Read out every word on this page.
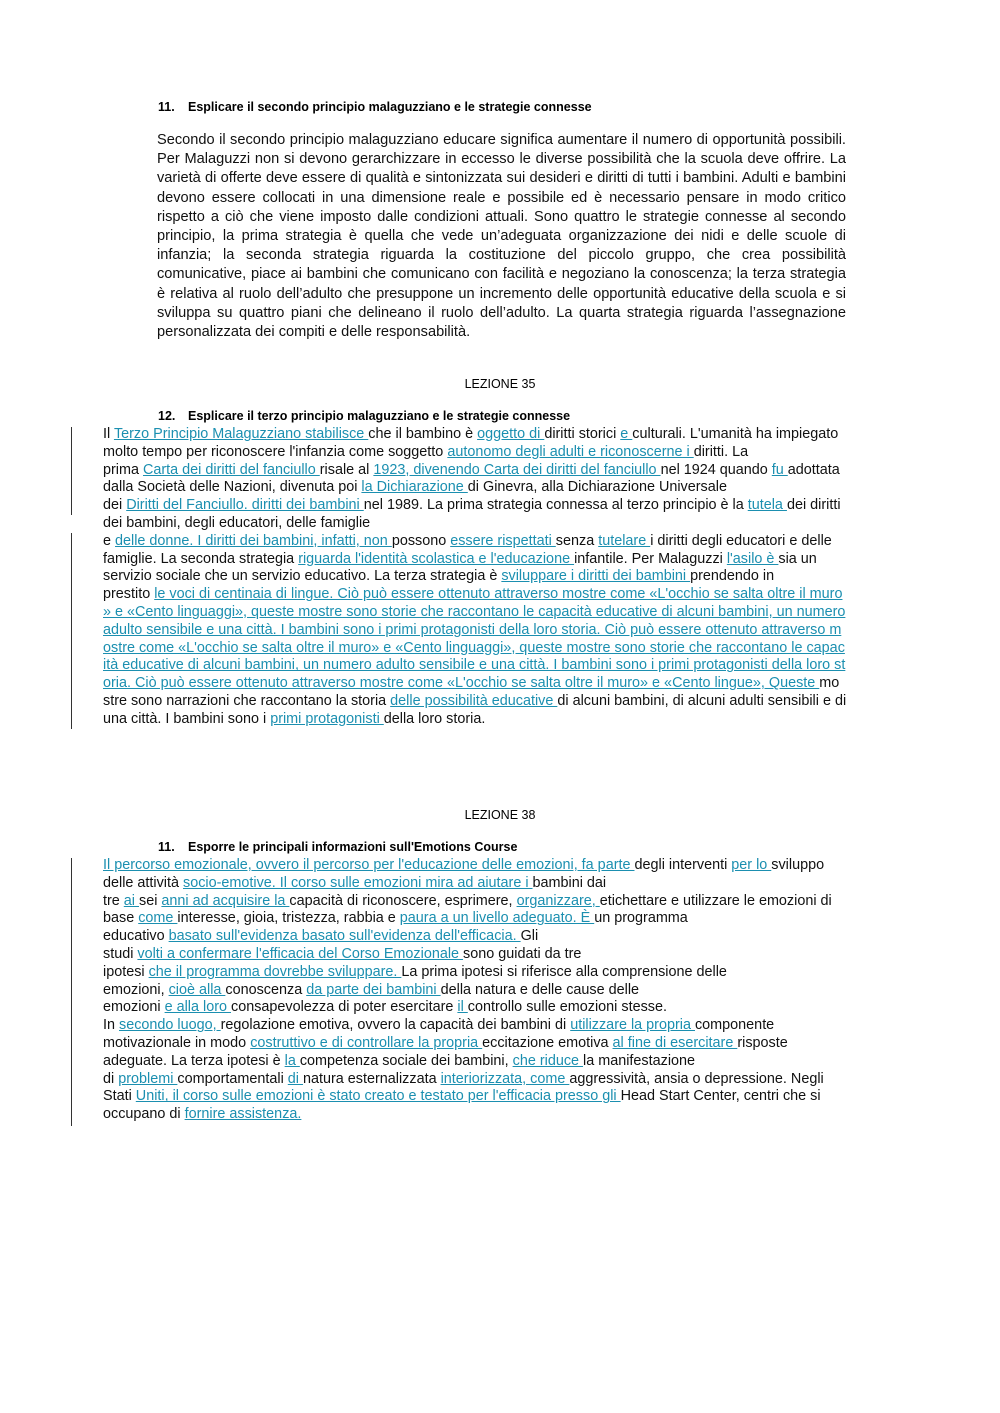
11. Esplicare il secondo principio malaguzziano e le strategie connesse

Secondo il secondo principio malaguzziano educare significa aumentare il numero di opportunità possibili. Per Malaguzzi non si devono gerarchizzare in eccesso le diverse possibilità che la scuola deve offrire. La varietà di offerte deve essere di qualità e sintonizzata sui desideri e diritti di tutti i bambini. Adulti e bambini devono essere collocati in una dimensione reale e possibile ed è necessario pensare in modo critico rispetto a ciò che viene imposto dalle condizioni attuali. Sono quattro le strategie connesse al secondo principio, la prima strategia è quella che vede un’adeguata organizzazione dei nidi e delle scuole di infanzia; la seconda strategia riguarda la costituzione del piccolo gruppo, che crea possibilità comunicative, piace ai bambini che comunicano con facilità e negoziano la conoscenza; la terza strategia è relativa al ruolo dell’adulto che presuppone un incremento delle opportunità educative della scuola e si sviluppa su quattro piani che delineano il ruolo dell’adulto. La quarta strategia riguarda l’assegnazione personalizzata dei compiti e delle responsabilità.

LEZIONE 35
12. Esplicare il terzo principio malaguzziano e le strategie connesse
Il Terzo Principio Malaguzziano stabilisce che il bambino è oggetto di diritti storici e culturali. L'umanità ha impiegato
molto tempo per riconoscere l'infanzia come soggetto autonomo degli adulti e riconoscerne i diritti. La
prima Carta dei diritti del fanciullo risale al 1923, divenendo Carta dei diritti del fanciullo nel 1924 quando fu adottata
dalla Società delle Nazioni, divenuta poi la Dichiarazione di Ginevra, alla Dichiarazione Universale
dei Diritti del Fanciullo. diritti dei bambini nel 1989. La prima strategia connessa al terzo principio è la tutela dei diritti
dei bambini, degli educatori, delle famiglie
e delle donne. I diritti dei bambini, infatti, non possono essere rispettati senza tutelare i diritti degli educatori e delle
famiglie. La seconda strategia riguarda l'identità scolastica e l'educazione infantile. Per Malaguzzi l'asilo è sia un
servizio sociale che un servizio educativo. La terza strategia è sviluppare i diritti dei bambini prendendo in
prestito le voci di centinaia di lingue. Ciò può essere ottenuto attraverso mostre come «L'occhio se salta oltre il muro
» e «Cento linguaggi», queste mostre sono storie che raccontano le capacità educative di alcuni bambini, un numero
adulto sensibile e una città. I bambini sono i primi protagonisti della loro storia. Ciò può essere ottenuto attraverso m
ostre come «L'occhio se salta oltre il muro» e «Cento linguaggi», queste mostre sono storie che raccontano le capac
ità educative di alcuni bambini, un numero adulto sensibile e una città. I bambini sono i primi protagonisti della loro st
oria. Ciò può essere ottenuto attraverso mostre come «L'occhio se salta oltre il muro» e «Cento lingue», Queste mo
stre sono narrazioni che raccontano la storia delle possibilità educative di alcuni bambini, di alcuni adulti sensibili e di
una città. I bambini sono i primi protagonisti della loro storia.
LEZIONE 38
11. Esporre le principali informazioni sull'Emotions Course
Il percorso emozionale, ovvero il percorso per l'educazione delle emozioni, fa parte degli interventi per lo sviluppo
delle attività socio-emotive. Il corso sulle emozioni mira ad aiutare i bambini dai
tre ai sei anni ad acquisire la capacità di riconoscere, esprimere, organizzare, etichettare e utilizzare le emozioni di
base come interesse, gioia, tristezza, rabbia e paura a un livello adeguato. È un programma
educativo basato sull'evidenza basato sull'evidenza dell'efficacia. Gli
studi volti a confermare l'efficacia del Corso Emozionale sono guidati da tre
ipotesi che il programma dovrebbe sviluppare. La prima ipotesi si riferisce alla comprensione delle
emozioni, cioè alla conoscenza da parte dei bambini della natura e delle cause delle
emozioni e alla loro consapevolezza di poter esercitare il controllo sulle emozioni stesse.
In secondo luogo, regolazione emotiva, ovvero la capacità dei bambini di utilizzare la propria componente
motivazionale in modo costruttivo e di controllare la propria eccitazione emotiva al fine di esercitare risposte
adeguate. La terza ipotesi è la competenza sociale dei bambini, che riduce la manifestazione
di problemi comportamentali di natura esternalizzata interiorizzata, come aggressività, ansia o depressione. Negli
Stati Uniti, il corso sulle emozioni è stato creato e testato per l'efficacia presso gli Head Start Center, centri che si
occupano di fornire assistenza.
